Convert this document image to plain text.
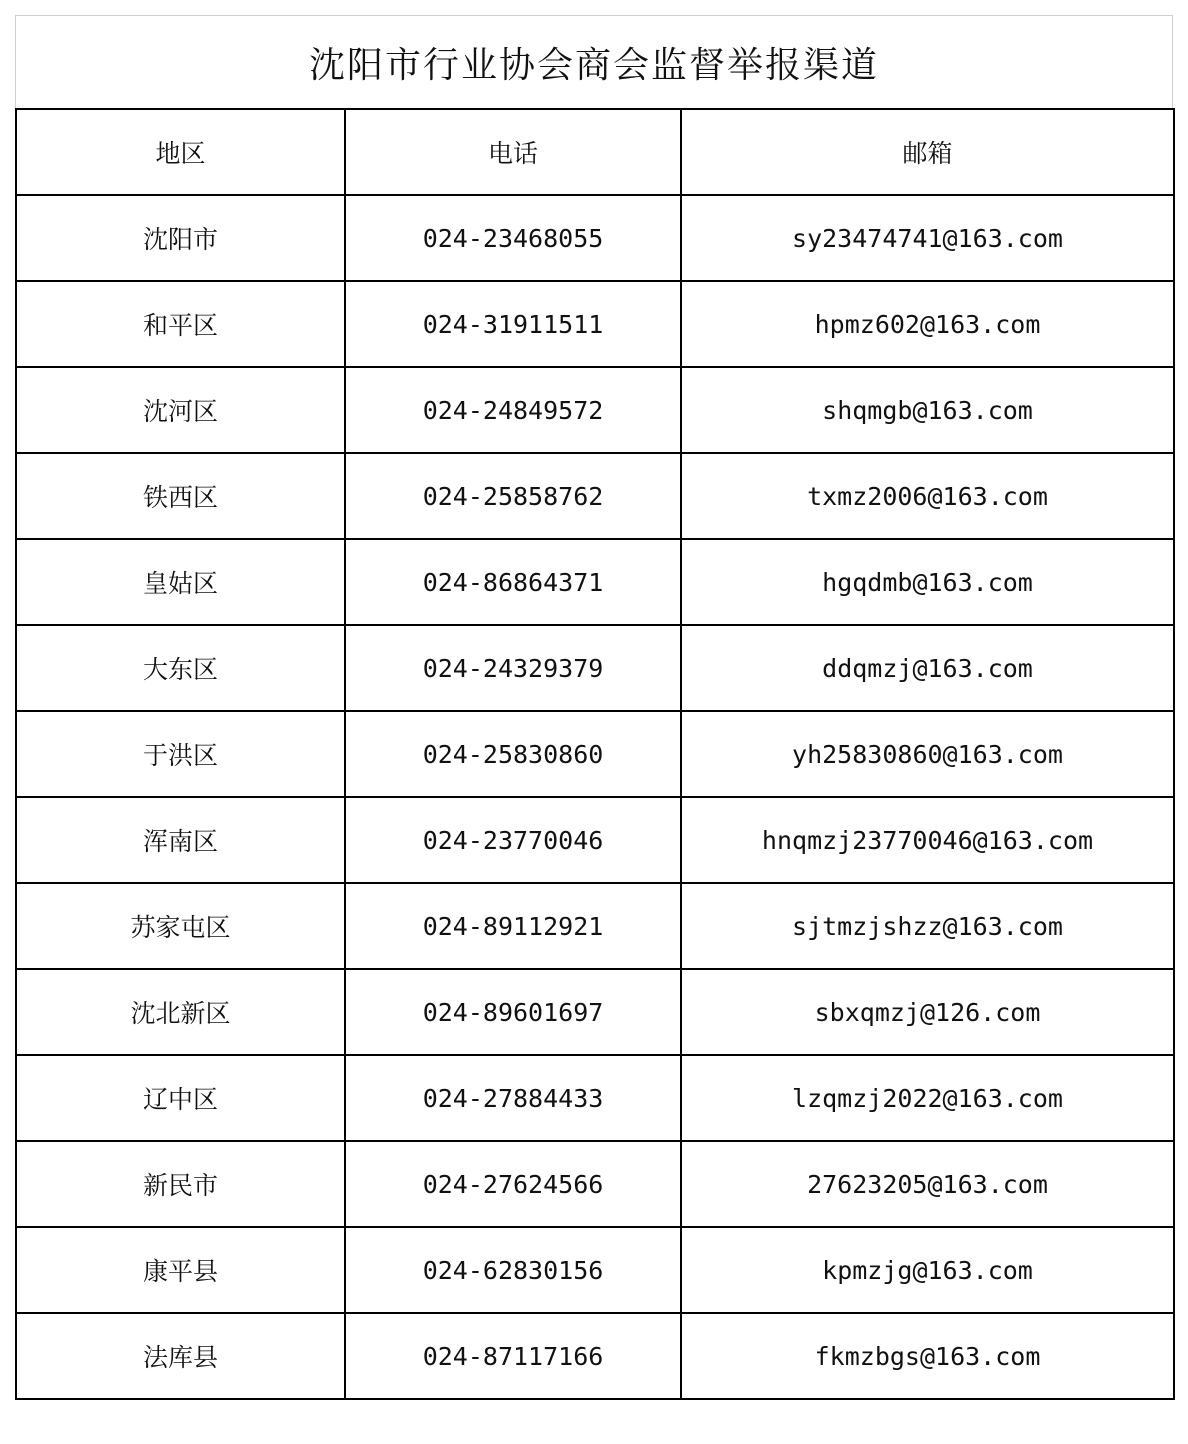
沈阳市行业协会商会监督举报渠道
地区	电话	邮箱
沈阳市	024-23468055	sy23474741@163.com
和平区	024-31911511	hpmz602@163.com
沈河区	024-24849572	shqmgb@163.com
铁西区	024-25858762	txmz2006@163.com
皇姑区	024-86864371	hgqdmb@163.com
大东区	024-24329379	ddqmzj@163.com
于洪区	024-25830860	yh25830860@163.com
浑南区	024-23770046	hnqmzj23770046@163.com
苏家屯区	024-89112921	sjtmzjshzz@163.com
沈北新区	024-89601697	sbxqmzj@126.com
辽中区	024-27884433	lzqmzj2022@163.com
新民市	024-27624566	27623205@163.com
康平县	024-62830156	kpmzjg@163.com
法库县	024-87117166	fkmzbgs@163.com
